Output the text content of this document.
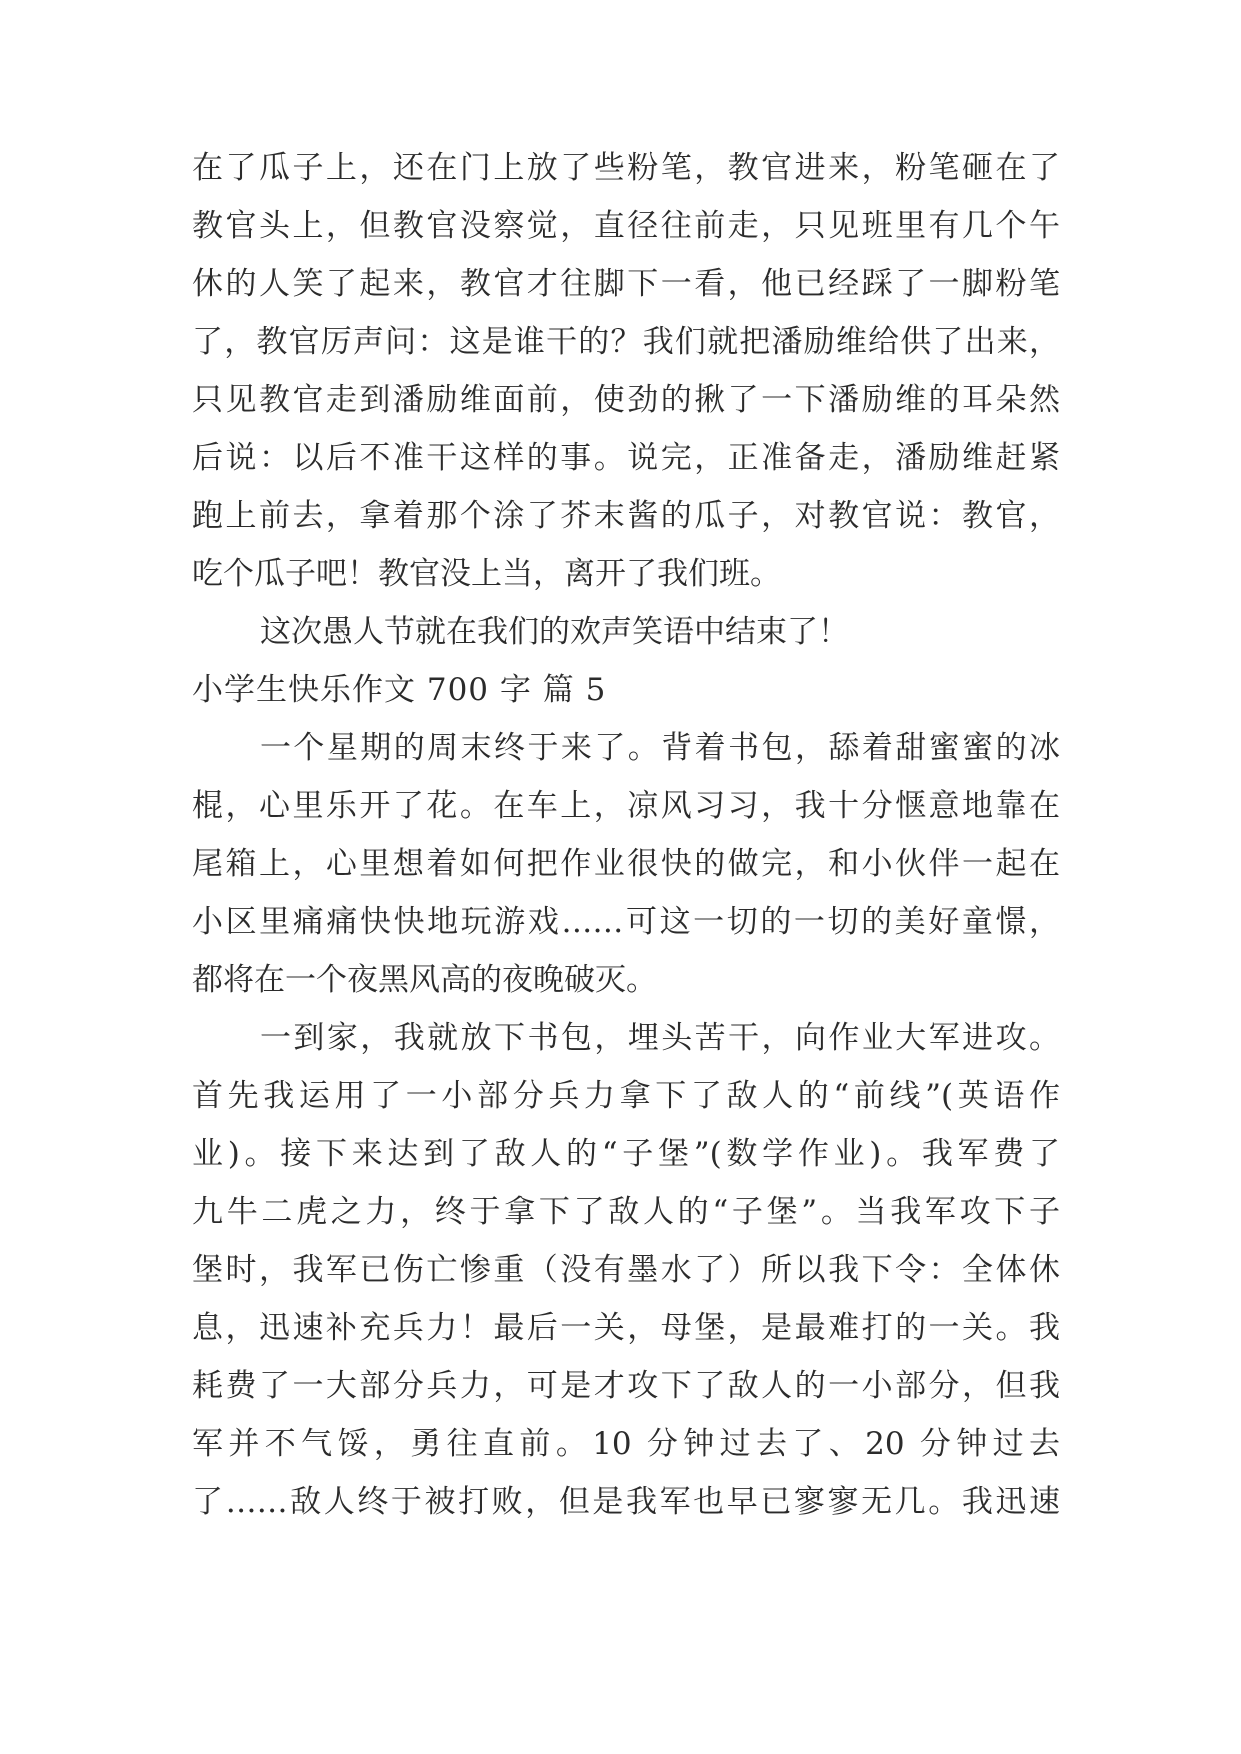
在了瓜子上，还在门上放了些粉笔，教官进来，粉笔砸在了

教官头上，但教官没察觉，直径往前走，只见班里有几个午

休的人笑了起来，教官才往脚下一看，他已经踩了一脚粉笔

了，教官厉声问：这是谁干的？我们就把潘励维给供了出来，

只见教官走到潘励维面前，使劲的揪了一下潘励维的耳朵然

后说：以后不准干这样的事。说完，正准备走，潘励维赶紧

跑上前去，拿着那个涂了芥末酱的瓜子，对教官说：教官，

吃个瓜子吧！教官没上当，离开了我们班。

这次愚人节就在我们的欢声笑语中结束了！

小学生快乐作文 700 字 篇 5

一个星期的周末终于来了。背着书包，舔着甜蜜蜜的冰

棍，心里乐开了花。在车上，凉风习习，我十分惬意地靠在

尾箱上，心里想着如何把作业很快的做完，和小伙伴一起在

小区里痛痛快快地玩游戏……可这一切的一切的美好童憬，

都将在一个夜黑风高的夜晚破灭。

一到家，我就放下书包，埋头苦干，向作业大军进攻。

首先我运用了一小部分兵力拿下了敌人的“前线”(英语作

业)。接下来达到了敌人的“子堡”(数学作业)。我军费了

九牛二虎之力，终于拿下了敌人的“子堡”。当我军攻下子

堡时，我军已伤亡惨重（没有墨水了）所以我下令：全体休

息，迅速补充兵力！最后一关，母堡，是最难打的一关。我

耗费了一大部分兵力，可是才攻下了敌人的一小部分，但我

军并不气馁，勇往直前。10 分钟过去了、20 分钟过去

了……敌人终于被打败，但是我军也早已寥寥无几。我迅速
